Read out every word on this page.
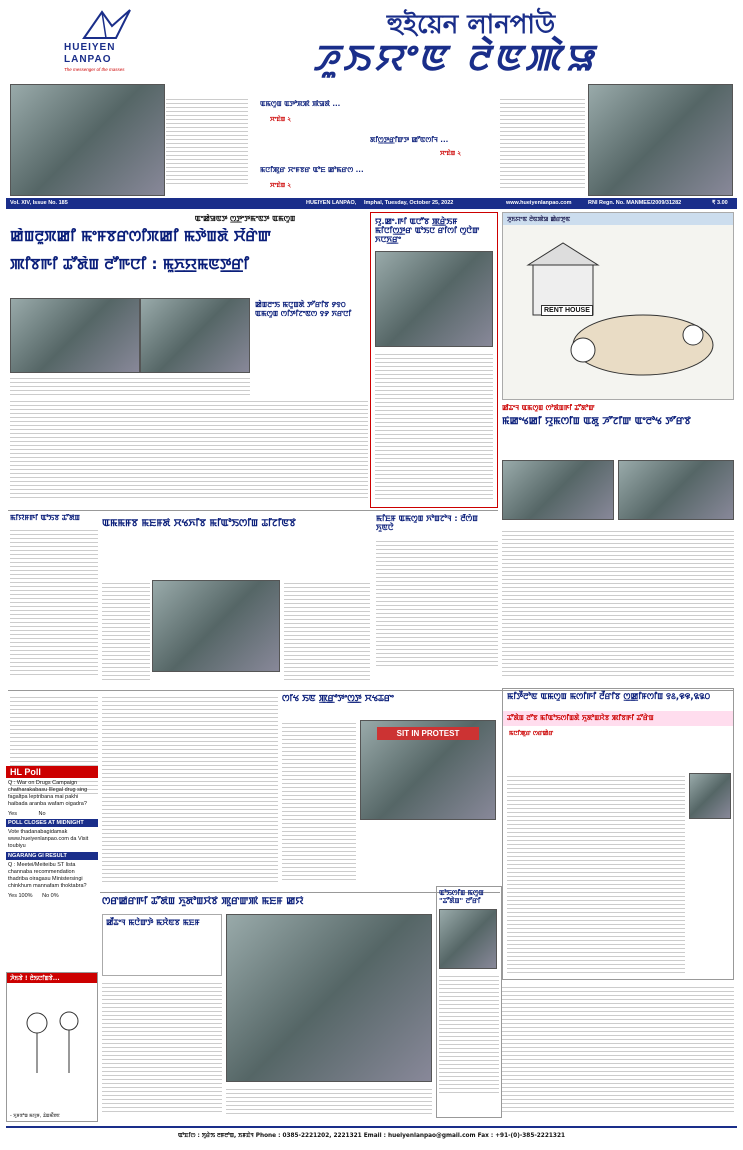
HUEIYEN
LANPAO
The messenger of the masses
হুইয়েন লানপাউ
ꯍꯨꯏꯌꯦꯟ ꯂꯥꯟꯄꯥꯎ
ꯑꯃꯁꯨꯡ ꯑꯇꯣꯞꯄꯥ ꯄꯥꯎꯗꯥ ...
ꯆꯦꯐꯥꯡ ২
ꯗꯤꯁ꯭ꯇ꯭ꯔꯤꯛꯇ ꯀꯧꯟꯁꯤꯜ ...
ꯆꯦꯐꯥꯡ ২
ꯃꯅꯤꯄꯨꯔ ꯆꯦꯝꯕꯔ ꯑꯣꯐ ꯀꯣꯃꯔꯁ ...
ꯆꯦꯐꯥꯡ ২
Vol. XIV, Issue No. 185	HUEIYEN LANPAO, Imphal, Tuesday, October 25, 2022	www.hueiyenlanpao.com	RNI Regn. No. MANMEE/2009/31282	₹ 3.00
ꯑꯦꯀꯥꯎꯟꯇ ꯁ꯭ꯇꯦꯇꯃꯦꯟꯇ ꯑꯃꯁꯨꯡ
ꯀꯥꯡꯂꯨꯞꯀꯤ ꯃꯦꯝꯕꯔꯁꯤꯞꯀꯤ ꯃꯇꯥꯡꯗꯥ ꯆꯩꯔꯥꯛ
ꯄꯤꯕꯒꯤ ꯊꯧꯗꯥꯡ ꯂꯧꯒꯅꯤ : ꯃꯨꯈ꯭ꯌꯃꯟꯇ꯭ꯔꯤ
ꯀꯥꯡꯂꯦꯏ ꯃꯅꯨꯡꯗꯥ ꯇꯧꯔꯤꯕ ꯸꯱꯰ ꯑꯃꯁꯨꯡ ꯁꯤꯇꯤꯖꯦꯟꯁ ꯱꯸ ꯈꯔꯅꯤ
ꯌꯨ.ꯀꯦ.ꯒꯤ ꯑꯅꯧꯕ ꯄ꯭ꯔꯥꯏꯝ ꯃꯤꯅꯤꯁ꯭ꯇꯔ ꯑꯣꯏꯅ ꯔꯤꯁꯤ ꯁꯨꯅꯥꯛ ꯈꯅꯈ꯭ꯔꯦ
ꯍꯨꯏꯌꯦꯟ ꯂꯥꯟꯄꯥꯎ ꯀꯥꯔꯇꯨꯟ
RENT HOUSE
ꯀꯩꯊꯦꯜ ꯑꯃꯁꯨꯡ ꯁꯣꯗꯥꯡꯒꯤ ꯊꯧꯗꯣꯛ
ꯃꯥꯀꯦꯠꯀꯤ ꯌꯨꯃꯁꯤꯡ ꯑꯗꯨ ꯍꯧꯖꯤꯛ ꯑꯦꯂꯣꯠ ꯇꯧꯔꯕꯥ
ꯃꯤꯌꯥꯝꯒꯤ ꯑꯣꯏꯕ ꯊꯧꯗꯥꯡ
ꯑꯃꯃꯝꯕ ꯃꯐꯝꯗꯥ ꯆꯠꯈꯤꯕ ꯃꯤꯑꯣꯏꯁꯤꯡ ꯊꯤꯖꯤꯟꯕꯥ	ꯃꯤꯐꯝ ꯑꯃꯁꯨꯡ ꯈꯣꯡꯖꯣꯜ : ꯂꯩꯁꯥꯡ ꯈꯨꯟꯅꯥ
ꯁꯤꯠ ꯏꯟ ꯄ꯭ꯔꯣꯇꯦꯁ꯭ꯇ ꯆꯠꯊꯔꯦ
SIT IN PROTEST
ꯃꯤꯇꯩꯂꯣꯟ ꯑꯃꯁꯨꯡ ꯃꯁꯤꯒꯤ ꯂꯩꯔꯤꯕ ꯁ꯭ꯀꯤꯝꯁꯤꯡ ꯱꯴,꯶꯶,꯲꯲꯰
ꯊꯧꯗꯥꯡ ꯂꯧꯕ ꯃꯤꯑꯣꯏꯁꯤꯡꯗꯥ ꯈꯨꯗꯣꯡꯆꯥꯕ ꯄꯤꯕꯒꯤ ꯊꯧꯔꯥꯡ
ꯃꯅꯤꯄꯨꯔ ꯁꯔꯀꯥꯔ
HL Poll
Q : War on Drugs Campaign chatharakabasu Illegal drug sing fagaltpa leptribana mai pakhi haibada aranba wafam oigadra?
Yes	No
POLL CLOSES AT MIDNIGHT
Vote thadanabagidamak www.hueiyenlanpao.com da Visit toubiyu
NGARANG GI RESULT
Q : Meetei/Meiteibu ST lista channaba recommendation thadriba oiragasu Ministersingi chinkhum mannafam thoktabra?
Yes 100% No 0%
ꯍꯥꯏꯕꯥ ! ꯂꯥꯏꯅꯤꯡꯕꯥ...
- ꯈꯨꯝꯕꯣꯡ ꯃꯌꯨꯝ, ꯊꯥꯡꯃꯩꯕꯟ
ꯁꯔꯀꯥꯔꯒꯤ ꯊꯧꯗꯥꯡ ꯈꯨꯗꯣꯡꯆꯥꯕꯥ ꯄꯨꯔꯛꯄꯥ ꯃꯐꯝ ꯀꯌꯥ
ꯀꯩꯊꯦꯜ ꯃꯅꯥꯛꯇꯥ ꯃꯆꯥꯟꯕ ꯃꯐꯝ
ꯑꯣꯏꯁꯤꯡ ꯃꯁꯨꯡ "ꯊꯧꯗꯥꯡ" ꯂꯧꯔꯤ
ꯑꯣꯐꯤꯁ : ꯈꯨꯔꯥꯏ ꯂꯝꯂꯣꯡ, ꯏꯝꯐꯥꯜ Phone : 0385-2221202, 2221321 Email : hueiyenlanpao@gmail.com Fax : +91-(0)-385-2221321
